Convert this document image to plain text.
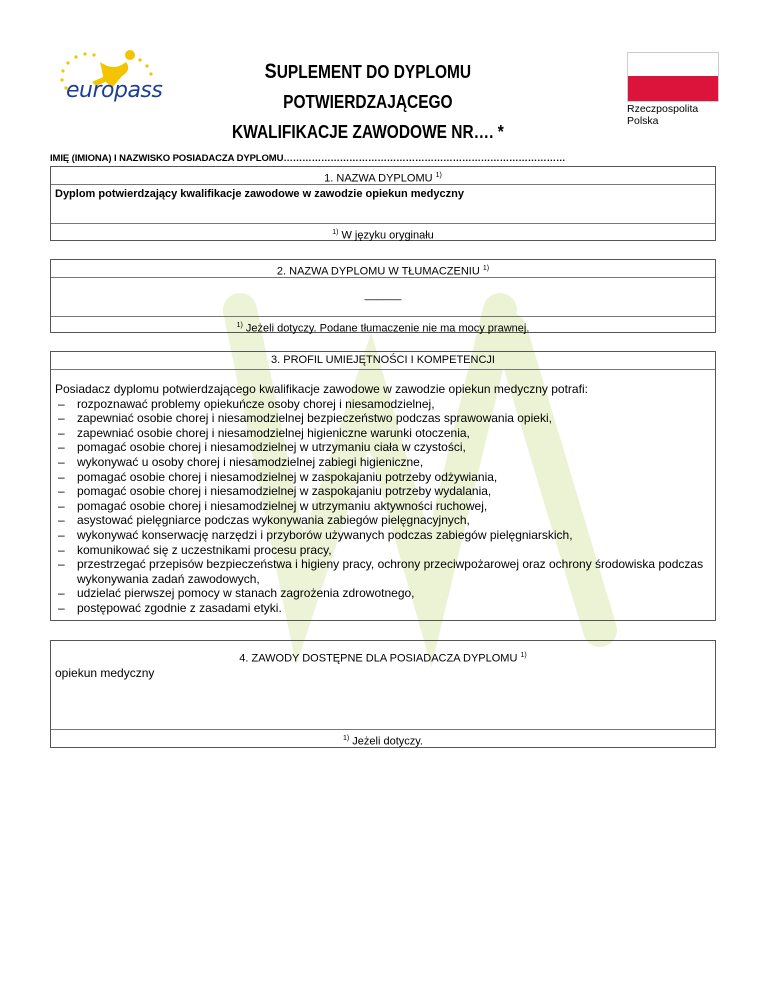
europass
SUPLEMENT DO DYPLOMU POTWIERDZAJĄCEGO
KWALIFIKACJE ZAWODOWE NR…. *
Rzeczpospolita Polska
IMIĘ (IMIONA) I NAZWISKO POSIADACZA DYPLOMU………………………………………………………………………………
1. NAZWA DYPLOMU $^{1)}$
Dyplom potwierdzający kwalifikacje zawodowe w zawodzie opiekun medyczny
$^{1)}$ W języku oryginału
2. NAZWA DYPLOMU W TŁUMACZENIU $^{1)}$
______
$^{1)}$ Jeżeli dotyczy. Podane tłumaczenie nie ma mocy prawnej.
3. PROFIL UMIEJĘTNOŚCI I KOMPETENCJI
Posiadacz dyplomu potwierdzającego kwalifikacje zawodowe w zawodzie opiekun medyczny potrafi:
– rozpoznawać problemy opiekuńcze osoby chorej i niesamodzielnej,
– zapewniać osobie chorej i niesamodzielnej bezpieczeństwo podczas sprawowania opieki,
– zapewniać osobie chorej i niesamodzielnej higieniczne warunki otoczenia,
– pomagać osobie chorej i niesamodzielnej w utrzymaniu ciała w czystości,
– wykonywać u osoby chorej i niesamodzielnej zabiegi higieniczne,
– pomagać osobie chorej i niesamodzielnej w zaspokajaniu potrzeby odżywiania,
– pomagać osobie chorej i niesamodzielnej w zaspokajaniu potrzeby wydalania,
– pomagać osobie chorej i niesamodzielnej w utrzymaniu aktywności ruchowej,
– asystować pielęgniarce podczas wykonywania zabiegów pielęgnacyjnych,
– wykonywać konserwację narzędzi i przyborów używanych podczas zabiegów pielęgniarskich,
– komunikować się z uczestnikami procesu pracy,
– przestrzegać przepisów bezpieczeństwa i higieny pracy, ochrony przeciwpożarowej oraz ochrony środowiska podczas wykonywania zadań zawodowych,
– udzielać pierwszej pomocy w stanach zagrożenia zdrowotnego,
– postępować zgodnie z zasadami etyki.
4. ZAWODY DOSTĘPNE DLA POSIADACZA DYPLOMU $^{1)}$
opiekun medyczny
$^{1)}$ Jeżeli dotyczy.
